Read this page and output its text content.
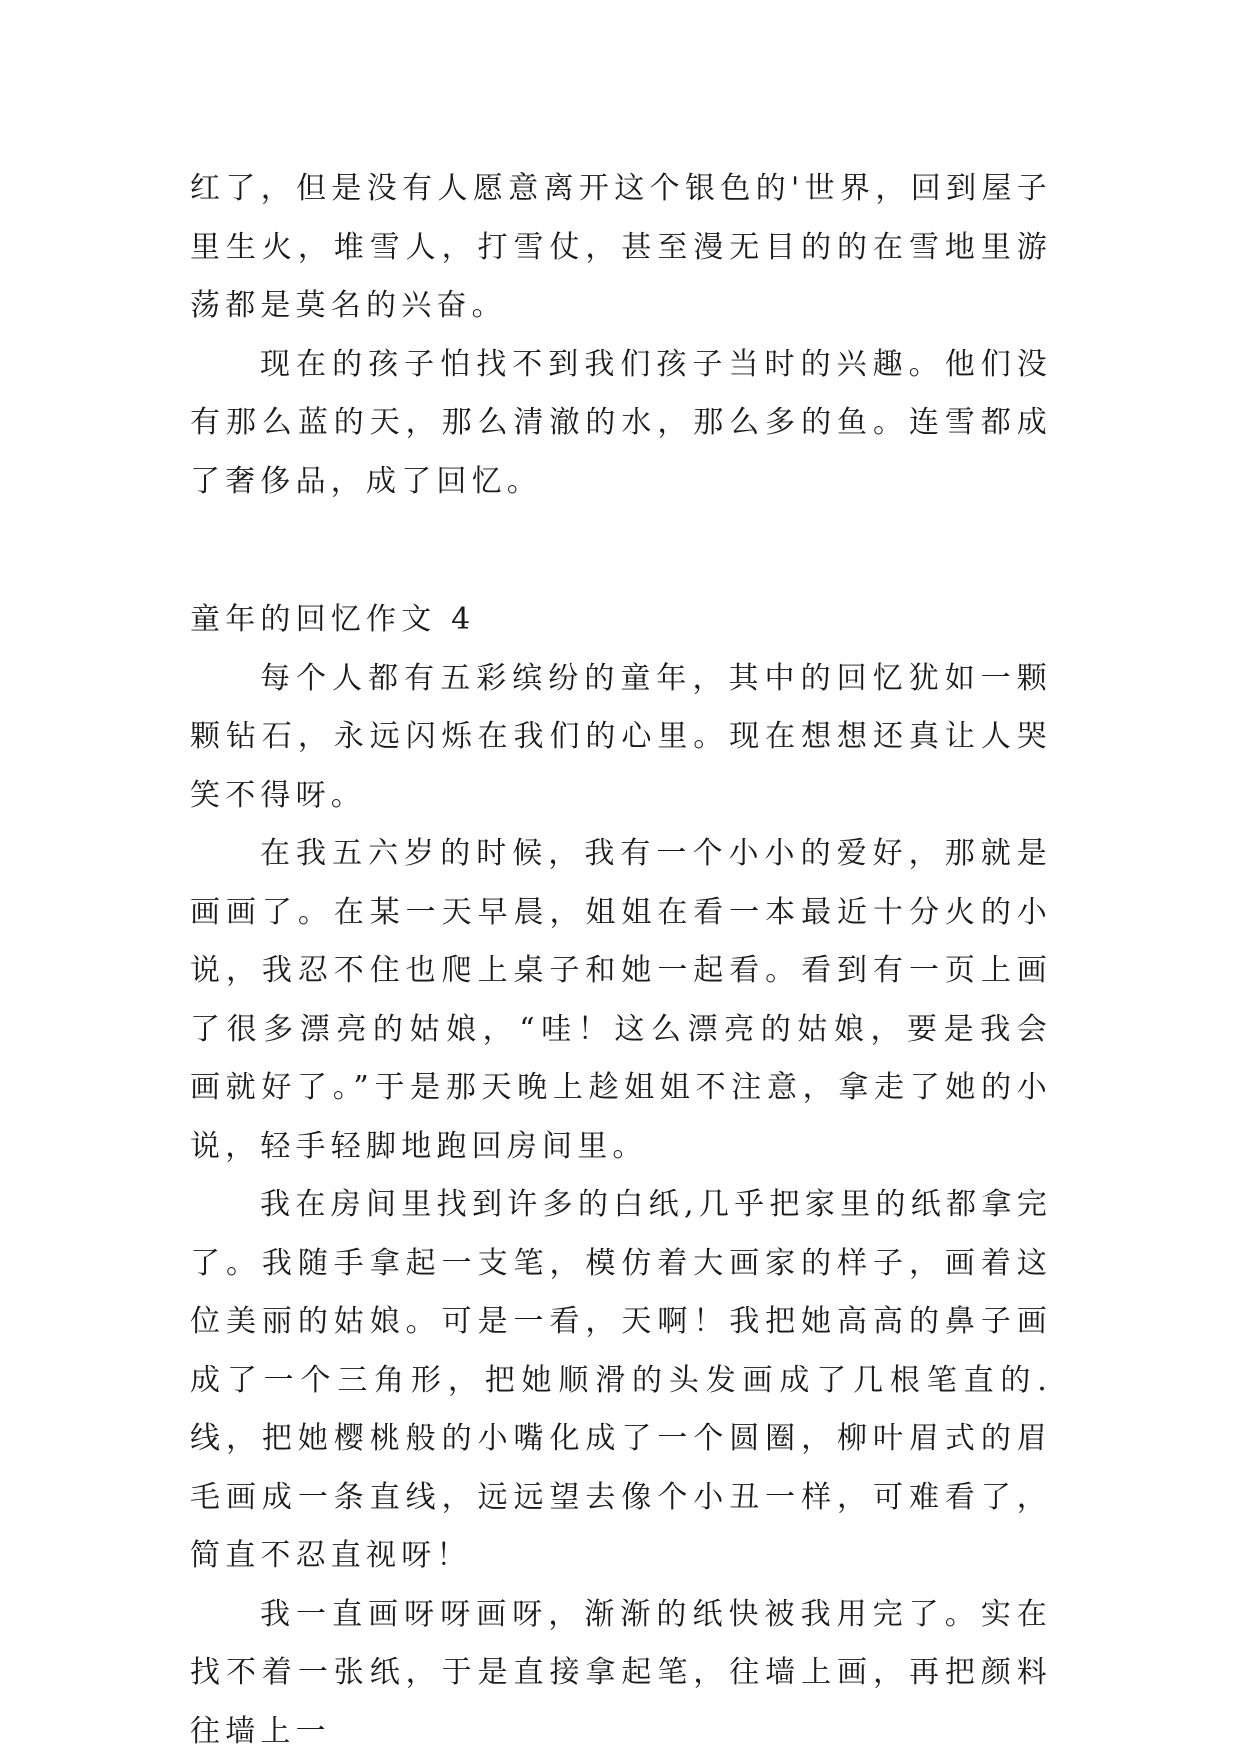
红了，但是没有人愿意离开这个银色的'世界，回到屋子里生火，堆雪人，打雪仗，甚至漫无目的的在雪地里游荡都是莫名的兴奋。

现在的孩子怕找不到我们孩子当时的兴趣。他们没有那么蓝的天，那么清澈的水，那么多的鱼。连雪都成了奢侈品，成了回忆。

童年的回忆作文 4

每个人都有五彩缤纷的童年，其中的回忆犹如一颗颗钻石，永远闪烁在我们的心里。现在想想还真让人哭笑不得呀。

在我五六岁的时候，我有一个小小的爱好，那就是画画了。在某一天早晨，姐姐在看一本最近十分火的小说，我忍不住也爬上桌子和她一起看。看到有一页上画了很多漂亮的姑娘，“哇！这么漂亮的姑娘，要是我会画就好了。”于是那天晚上趁姐姐不注意，拿走了她的小说，轻手轻脚地跑回房间里。

我在房间里找到许多的白纸,几乎把家里的纸都拿完了。我随手拿起一支笔，模仿着大画家的样子，画着这位美丽的姑娘。可是一看，天啊！我把她高高的鼻子画成了一个三角形，把她顺滑的头发画成了几根笔直的.线，把她樱桃般的小嘴化成了一个圆圈，柳叶眉式的眉毛画成一条直线，远远望去像个小丑一样，可难看了，简直不忍直视呀！

我一直画呀呀画呀，渐渐的纸快被我用完了。实在找不着一张纸，于是直接拿起笔，往墙上画，再把颜料往墙上一
